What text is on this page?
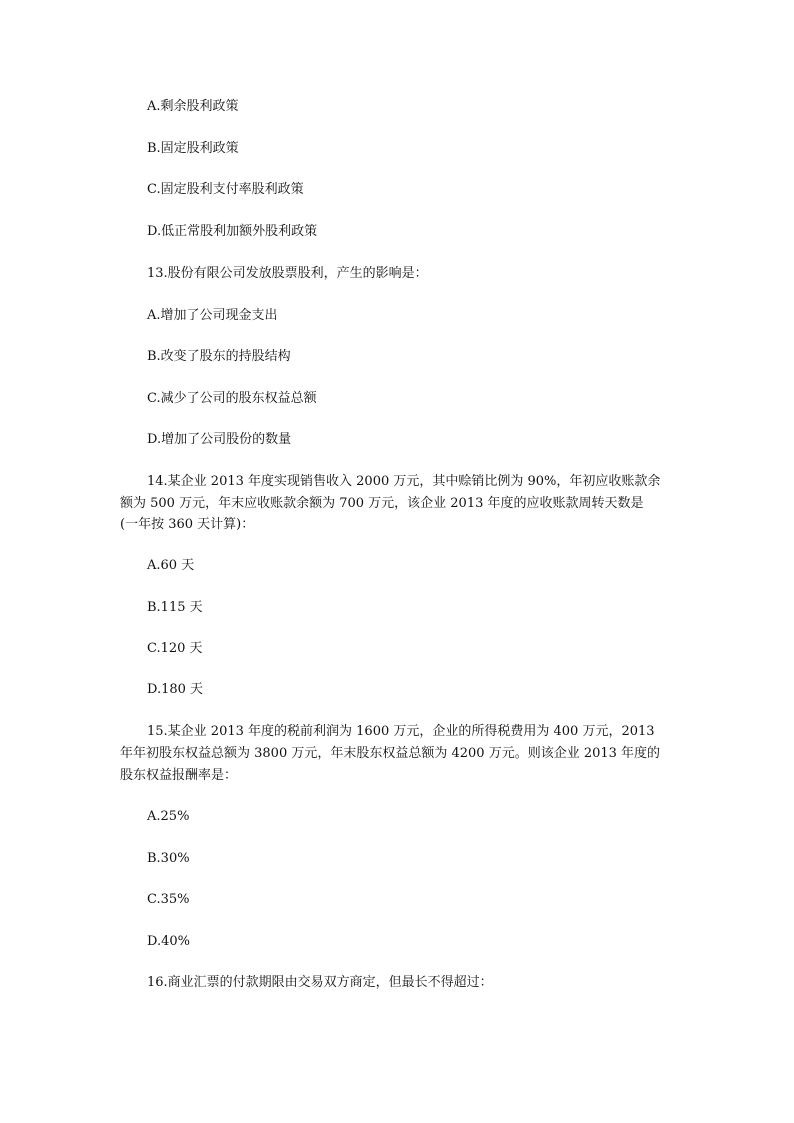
A.剩余股利政策
B.固定股利政策
C.固定股利支付率股利政策
D.低正常股利加额外股利政策
13.股份有限公司发放股票股利，产生的影响是：
A.增加了公司现金支出
B.改变了股东的持股结构
C.减少了公司的股东权益总额
D.增加了公司股份的数量
14.某企业 2013 年度实现销售收入 2000 万元，其中赊销比例为 90%，年初应收账款余
额为 500 万元，年末应收账款余额为 700 万元，该企业 2013 年度的应收账款周转天数是
(一年按 360 天计算)：
A.60 天
B.115 天
C.120 天
D.180 天
15.某企业 2013 年度的税前利润为 1600 万元，企业的所得税费用为 400 万元，2013
年年初股东权益总额为 3800 万元，年末股东权益总额为 4200 万元。则该企业 2013 年度的
股东权益报酬率是：
A.25%
B.30%
C.35%
D.40%
16.商业汇票的付款期限由交易双方商定，但最长不得超过：
